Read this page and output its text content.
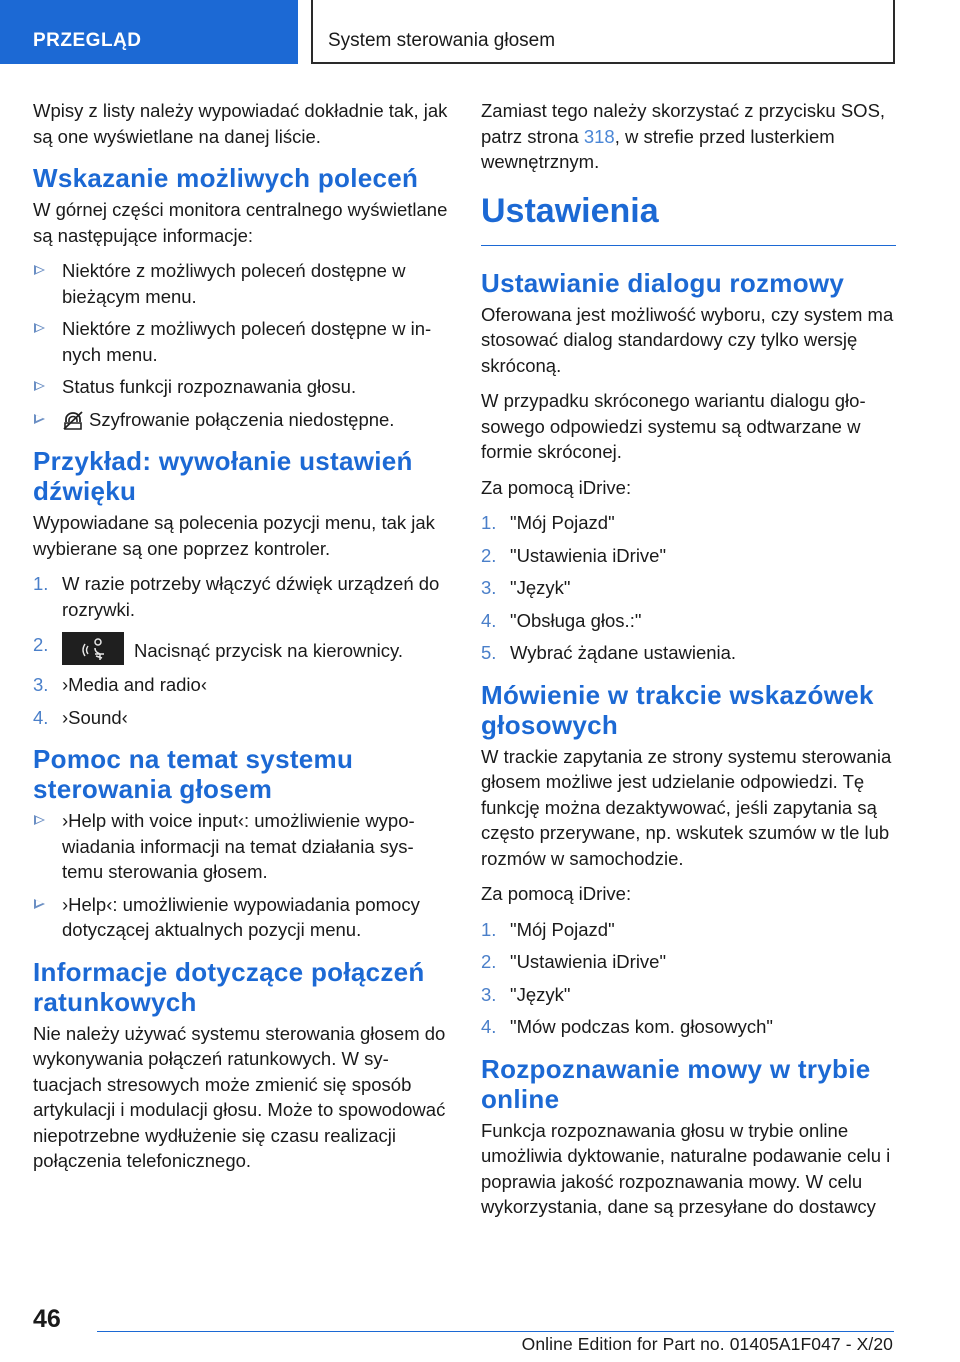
PRZEGLĄD	System sterowania głosem

Wpisy z listy należy wypowiadać dokładnie tak, jak są one wyświetlane na danej liście.

Wskazanie możliwych poleceń

W górnej części monitora centralnego wyświetlane są następujące informacje:

Niektóre z możliwych poleceń dostępne w bieżącym menu.
Niektóre z możliwych poleceń dostępne w innych menu.
Status funkcji rozpoznawania głosu.
Szyfrowanie połączenia niedostępne.
Przykład: wywołanie ustawień dźwięku

Wypowiadane są polecenia pozycji menu, tak jak wybierane są one poprzez kontroler.

1. W razie potrzeby włączyć dźwięk urządzeń do rozrywki.
2.	Nacisnąć przycisk na kierownicy.
3. ›Media and radio‹
4. ›Sound‹
Pomoc na temat systemu sterowania głosem
›Help with voice input‹: umożliwienie wypowiadania informacji na temat działania systemu sterowania głosem.
›Help‹: umożliwienie wypowiadania pomocy dotyczącej aktualnych pozycji menu.
Informacje dotyczące połączeń ratunkowych

Nie należy używać systemu sterowania głosem do wykonywania połączeń ratunkowych. W sytuacjach stresowych może zmienić się sposób artykulacji i modulacji głosu. Może to spowodować niepotrzebne wydłużenie się czasu realizacji połączenia telefonicznego.

Zamiast tego należy skorzystać z przycisku SOS, patrz strona 318, w strefie przed lusterkiem wewnętrznym.

Ustawienia
Ustawianie dialogu rozmowy

Oferowana jest możliwość wyboru, czy system ma stosować dialog standardowy czy tylko wersję skróconą.

W przypadku skróconego wariantu dialogu głosowego odpowiedzi systemu są odtwarzane w formie skróconej.

Za pomocą iDrive:

1. "Mój Pojazd"
2. "Ustawienia iDrive"
3. "Język"
4. "Obsługa głos.:"
5. Wybrać żądane ustawienia.
Mówienie w trakcie wskazówek głosowych

W trackie zapytania ze strony systemu sterowania głosem możliwe jest udzielanie odpowiedzi. Tę funkcję można dezaktywować, jeśli zapytania są często przerywane, np. wskutek szumów w tle lub rozmów w samochodzie.

Za pomocą iDrive:

1. "Mój Pojazd"
2. "Ustawienia iDrive"
3. "Język"
4. "Mów podczas kom. głosowych"
Rozpoznawanie mowy w trybie online

Funkcja rozpoznawania głosu w trybie online umożliwia dyktowanie, naturalne podawanie celu i poprawia jakość rozpoznawania mowy. W celu wykorzystania, dane są przesyłane do dostawcy

46
Online Edition for Part no. 01405A1F047 - X/20
